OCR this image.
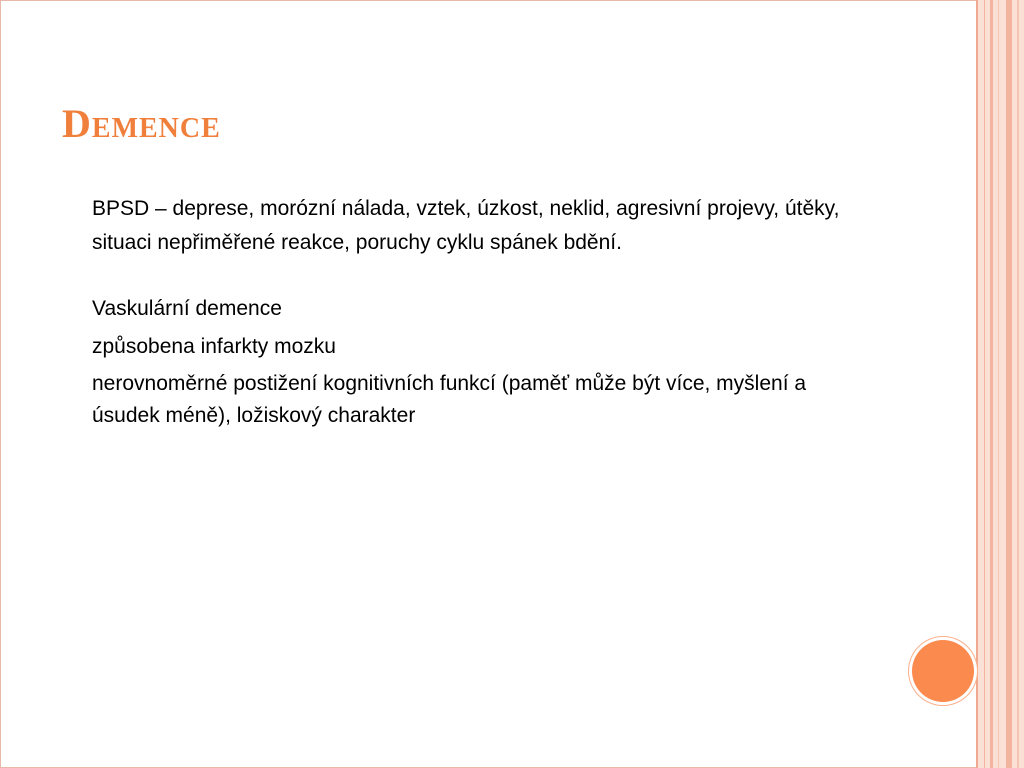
Demence

BPSD – deprese, morózní nálada, vztek, úzkost, neklid, agresivní projevy, útěky, situaci nepřiměřené reakce, poruchy cyklu spánek bdění.

Vaskulární demence

způsobena infarkty mozku

nerovnoměrné postižení kognitivních funkcí (paměť může být více, myšlení a úsudek méně), ložiskový charakter
